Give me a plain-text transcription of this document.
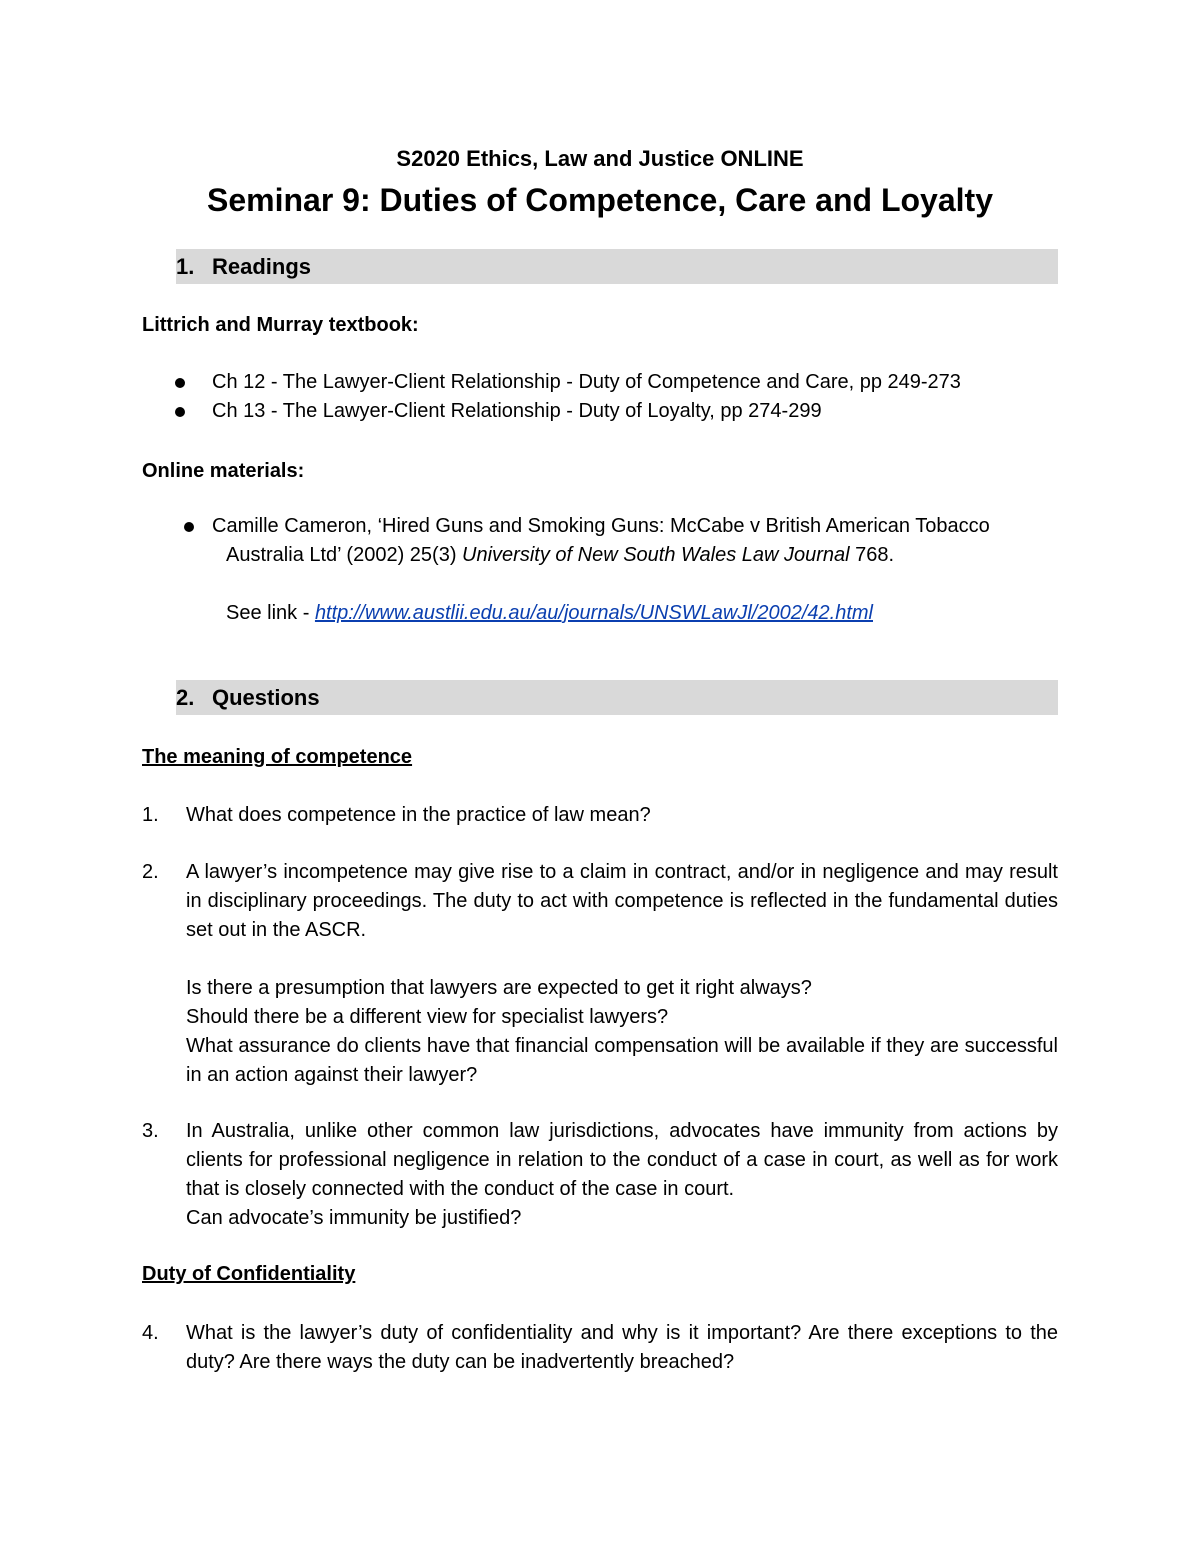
S2020 Ethics, Law and Justice ONLINE
Seminar 9: Duties of Competence, Care and Loyalty
1. Readings
Littrich and Murray textbook:
Ch 12 - The Lawyer-Client Relationship - Duty of Competence and Care, pp 249-273
Ch 13 - The Lawyer-Client Relationship - Duty of Loyalty, pp 274-299
Online materials:
Camille Cameron, ‘Hired Guns and Smoking Guns: McCabe v British American Tobacco
Australia Ltd’ (2002) 25(3) University of New South Wales Law Journal 768.
See link - http://www.austlii.edu.au/au/journals/UNSWLawJl/2002/42.html
2. Questions
The meaning of competence
1. What does competence in the practice of law mean?
2. A lawyer’s incompetence may give rise to a claim in contract, and/or in negligence and may result in disciplinary proceedings. The duty to act with competence is reflected in the fundamental duties set out in the ASCR.
Is there a presumption that lawyers are expected to get it right always?
Should there be a different view for specialist lawyers?
What assurance do clients have that financial compensation will be available if they are successful in an action against their lawyer?
3. In Australia, unlike other common law jurisdictions, advocates have immunity from actions by clients for professional negligence in relation to the conduct of a case in court, as well as for work that is closely connected with the conduct of the case in court.
Can advocate’s immunity be justified?
Duty of Confidentiality
4. What is the lawyer’s duty of confidentiality and why is it important? Are there exceptions to the duty? Are there ways the duty can be inadvertently breached?
